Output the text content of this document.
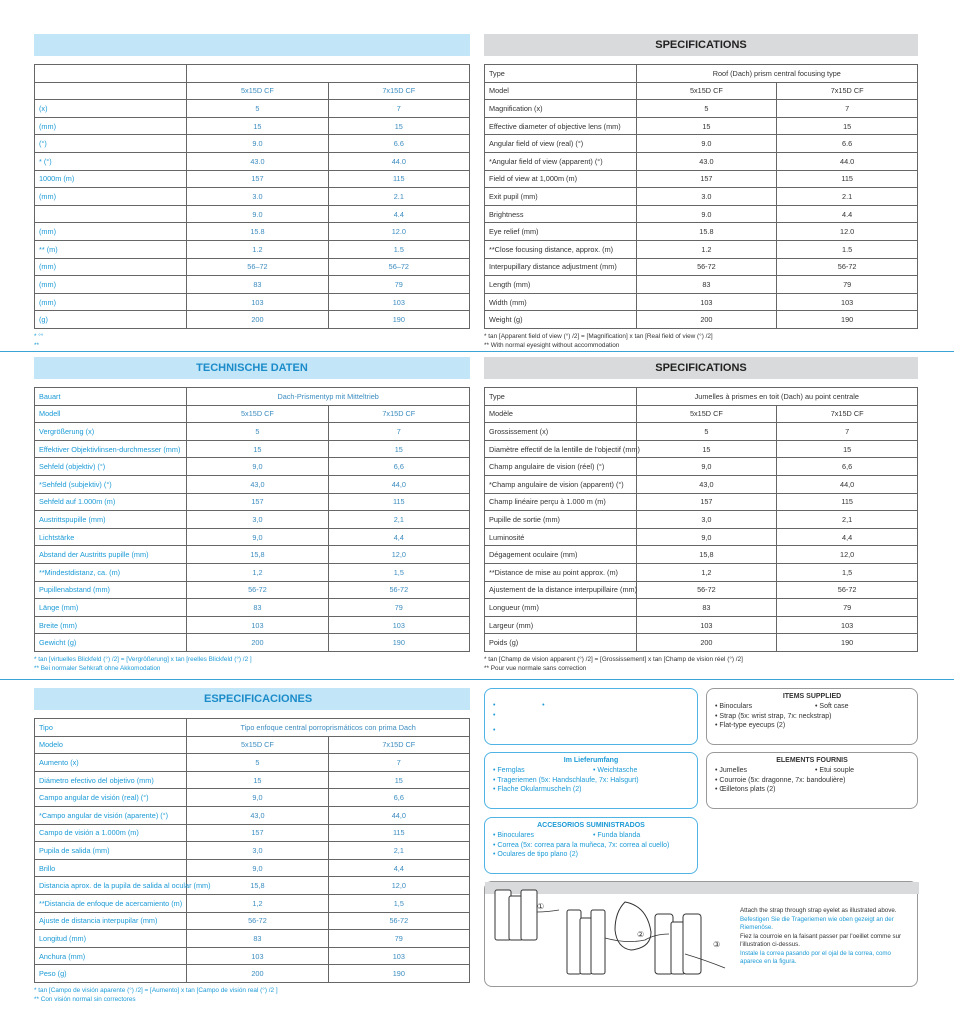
	5x15D CF	7x15D CF
(x)	5	7
(mm)	15	15
(°)	9.0	6.6
* (°)	43.0	44.0
1000m (m)	157	115
(mm)	3.0	2.1
	9.0	4.4
(mm)	15.8	12.0
** (m)	1.2	1.5
(mm)	56–72	56–72
(mm)	83	79
(mm)	103	103
(g)	200	190
* °°
**
SPECIFICATIONS
Type	Roof (Dach) prism central focusing type	
Model	5x15D CF	7x15D CF
Magnification (x)	5	7
Effective diameter of objective lens (mm)	15	15
Angular field of view (real) (°)	9.0	6.6
*Angular field of view (apparent) (°)	43.0	44.0
Field of view at 1,000m (m)	157	115
Exit pupil (mm)	3.0	2.1
Brightness	9.0	4.4
Eye relief (mm)	15.8	12.0
**Close focusing distance, approx. (m)	1.2	1.5
Interpupillary distance adjustment (mm)	56-72	56-72
Length (mm)	83	79
Width (mm)	103	103
Weight (g)	200	190
* tan [Apparent field of view (°) /2] = [Magnification] x tan [Real field of view (°) /2]
** With normal eyesight without accommodation
TECHNISCHE DATEN
Bauart	Dach-Prismentyp mit Mitteltrieb	
Modell	5x15D CF	7x15D CF
Vergrößerung (x)	5	7
Effektiver Objektivlinsen-durchmesser (mm)	15	15
Sehfeld (objektiv) (°)	9,0	6,6
*Sehfeld (subjektiv) (°)	43,0	44,0
Sehfeld auf 1.000m (m)	157	115
Austrittspupille (mm)	3,0	2,1
Lichtstärke	9,0	4,4
Abstand der Austritts pupille (mm)	15,8	12,0
**Mindestdistanz, ca. (m)	1,2	1,5
Pupillenabstand (mm)	56-72	56-72
Länge (mm)	83	79
Breite (mm)	103	103
Gewicht (g)	200	190
* tan [virtuelles Blickfeld (°) /2] = [Vergrößerung] x tan [reelles Blickfeld (°) /2 ]
** Bei normaler Sehkraft ohne Akkomodation
SPECIFICATIONS
Type	Jumelles à prismes en toit (Dach) au point centrale	
Modèle	5x15D CF	7x15D CF
Grossissement (x)	5	7
Diamètre effectif de la lentille de l'objectif (mm)	15	15
Champ angulaire de vision (réel) (°)	9,0	6,6
*Champ angulaire de vision (apparent) (°)	43,0	44,0
Champ linéaire perçu à 1.000 m (m)	157	115
Pupille de sortie (mm)	3,0	2,1
Luminosité	9,0	4,4
Dégagement oculaire (mm)	15,8	12,0
**Distance de mise au point approx. (m)	1,2	1,5
Ajustement de la distance interpupillaire (mm)	56-72	56-72
Longueur (mm)	83	79
Largeur (mm)	103	103
Poids (g)	200	190
* tan [Champ de vision apparent (°) /2] = [Grossissement] x tan [Champ de vision réel (°) /2]
** Pour vue normale sans correction
ESPECIFICACIONES
Tipo	Tipo enfoque central porroprismáticos con prima Dach	
Modelo	5x15D CF	7x15D CF
Aumento (x)	5	7
Diámetro efectivo del objetivo (mm)	15	15
Campo angular de visión (real) (°)	9,0	6,6
*Campo angular de visión (aparente) (°)	43,0	44,0
Campo de visión a 1.000m (m)	157	115
Pupila de salida (mm)	3,0	2,1
Brillo	9,0	4,4
Distancia aprox. de la pupila de salida al ocular (mm)	15,8	12,0
**Distancia de enfoque de acercamiento (m)	1,2	1,5
Ajuste de distancia interpupilar (mm)	56-72	56-72
Longitud (mm)	83	79
Anchura (mm)	103	103
Peso (g)	200	190
* tan [Campo de visión aparente (°) /2] = [Aumento] x tan [Campo de visión real (°) /2 ]
** Con visión normal sin correctores
•                        •
•
•
ITEMS SUPPLIED
• Binoculars	• Soft case
• Strap (5x: wrist strap, 7x: neckstrap)
• Flat-type eyecups (2)
Im Lieferumfang
• Fernglas	• Weichtasche
• Trageriemen (5x: Handschlaufe, 7x: Halsgurt)
• Flache Okularmuscheln (2)
ELEMENTS FOURNIS
• Jumelles	• Etui souple
• Courroie (5x: dragonne, 7x: bandoulière)
• Œilletons plats (2)
ACCESORIOS SUMINISTRADOS
• Binoculares	• Funda blanda
• Correa (5x: correa para la muñeca, 7x: correa al cuello)
• Oculares de tipo plano (2)
①
②
③
Attach the strap through strap eyelet as illustrated above.
Befestigen Sie die Trageriemen wie oben gezeigt an der Riemenöse.
Fiez la courroie en la faisant passer par l'oeillet comme sur l'illustration ci-dessus.
Instale la correa pasando por el ojal de la correa, como aparece en la figura.
